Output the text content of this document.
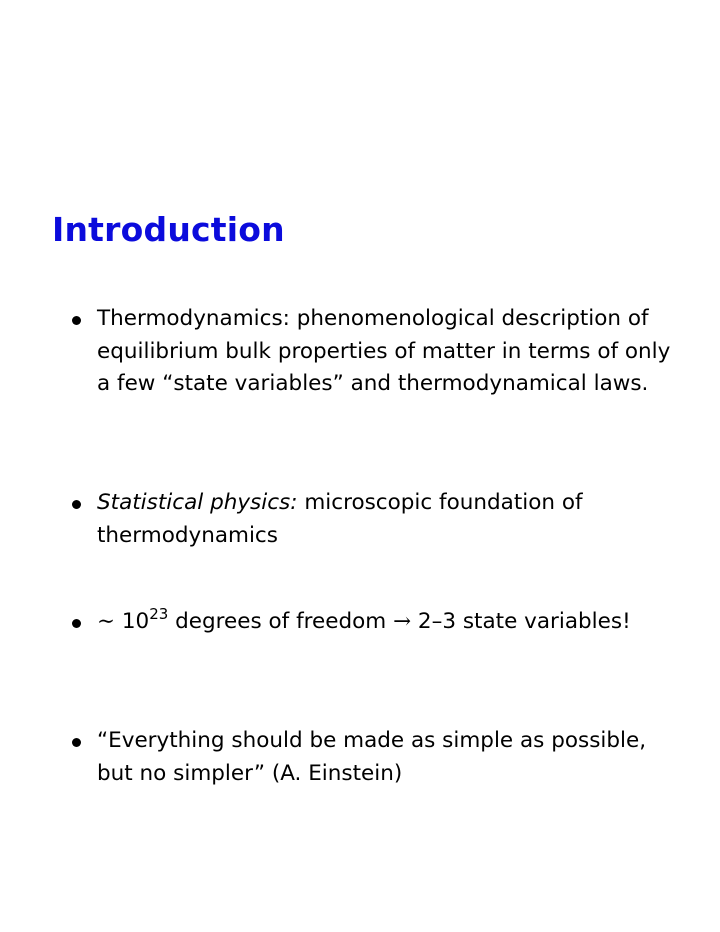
Introduction
Thermodynamics: phenomenological description of equilibrium bulk properties of matter in terms of only a few “state variables” and thermodynamical laws.
Statistical physics: microscopic foundation of thermodynamics
∼ $10^{23}$ degrees of freedom → 2–3 state variables!
“Everything should be made as simple as possible, but no simpler” (A. Einstein)
